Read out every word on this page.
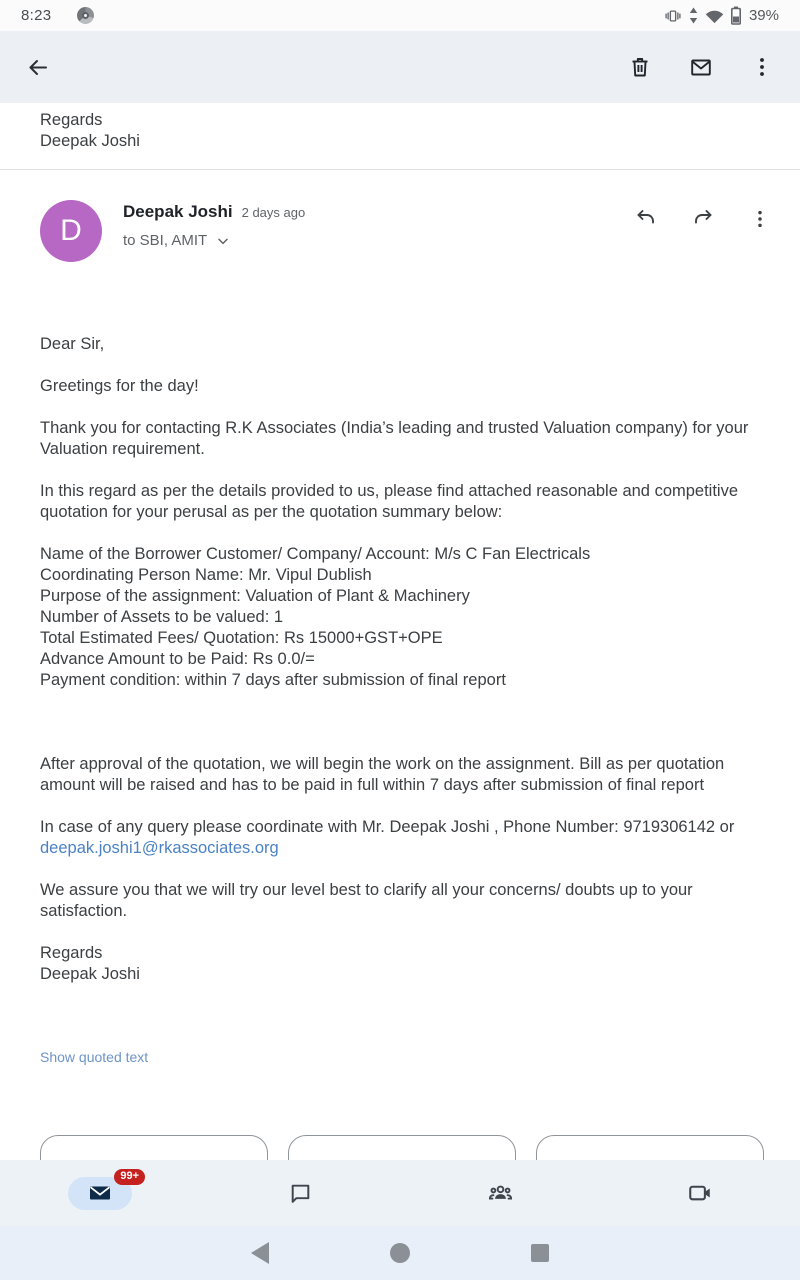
8:23	39%
Regards
Deepak Joshi
D
Deepak Joshi 2 days ago
to SBI, AMIT

Dear Sir,

Greetings for the day!

Thank you for contacting R.K Associates (India’s leading and trusted Valuation company) for your Valuation requirement.

In this regard as per the details provided to us, please find attached reasonable and competitive quotation for your perusal as per the quotation summary below:

Name of the Borrower Customer/ Company/ Account: M/s C Fan Electricals
Coordinating Person Name: Mr. Vipul Dublish
Purpose of the assignment: Valuation of Plant & Machinery
Number of Assets to be valued: 1
Total Estimated Fees/ Quotation: Rs 15000+GST+OPE
Advance Amount to be Paid: Rs 0.0/=
Payment condition: within 7 days after submission of final report

After approval of the quotation, we will begin the work on the assignment. Bill as per quotation amount will be raised and has to be paid in full within 7 days after submission of final report

In case of any query please coordinate with Mr. Deepak Joshi , Phone Number: 9719306142 or deepak.joshi1@rkassociates.org

We assure you that we will try our level best to clarify all your concerns/ doubts up to your satisfaction.

Regards
Deepak Joshi

Show quoted text
99+
